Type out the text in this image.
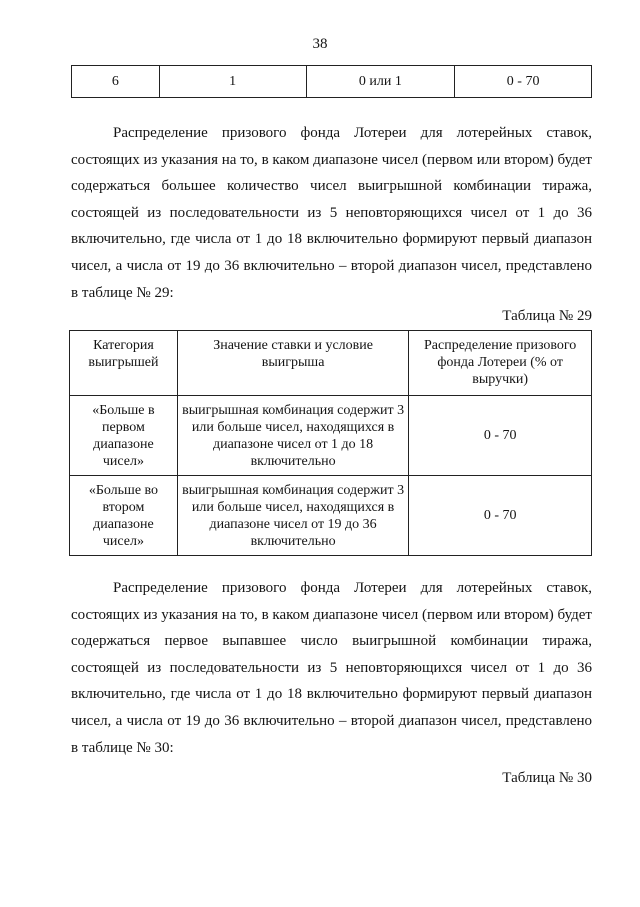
38
6	1	0 или 1	0 - 70

Распределение призового фонда Лотереи для лотерейных ставок, состоящих из указания на то, в каком диапазоне чисел (первом или втором) будет содержаться большее количество чисел выигрышной комбинации тиража, состоящей из последовательности из 5 неповторяющихся чисел от 1 до 36 включительно, где числа от 1 до 18 включительно формируют первый диапазон чисел, а числа от 19 до 36 включительно – второй диапазон чисел, представлено в таблице № 29:

Таблица № 29
Категория выигрышей	Значение ставки и условие выигрыша	Распределение призового фонда Лотереи (% от выручки)
«Больше в первом диапазоне чисел»	выигрышная комбинация содержит 3 или больше чисел, находящихся в диапазоне чисел от 1 до 18 включительно	0 - 70
«Больше во втором диапазоне чисел»	выигрышная комбинация содержит 3 или больше чисел, находящихся в диапазоне чисел от 19 до 36 включительно	0 - 70

Распределение призового фонда Лотереи для лотерейных ставок, состоящих из указания на то, в каком диапазоне чисел (первом или втором) будет содержаться первое выпавшее число выигрышной комбинации тиража, состоящей из последовательности из 5 неповторяющихся чисел от 1 до 36 включительно, где числа от 1 до 18 включительно формируют первый диапазон чисел, а числа от 19 до 36 включительно – второй диапазон чисел, представлено в таблице № 30:

Таблица № 30
